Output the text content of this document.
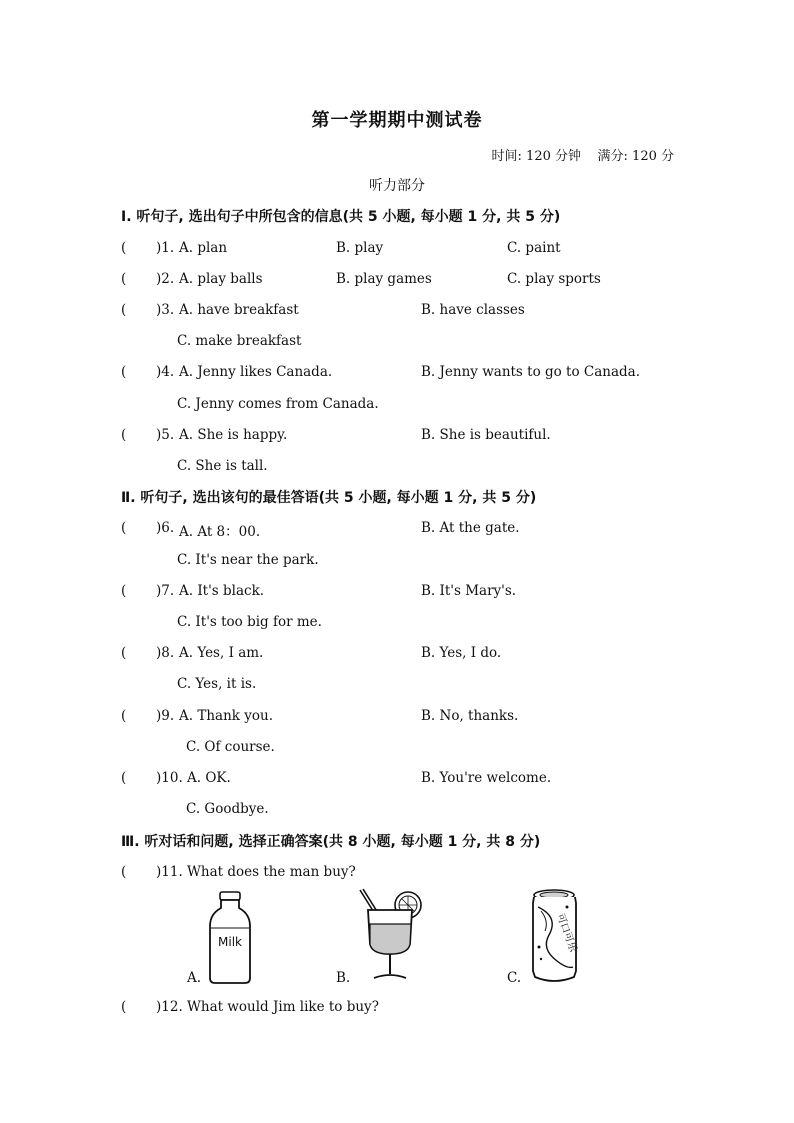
第一学期期中测试卷
时间: 120 分钟 满分: 120 分
听力部分
Ⅰ. 听句子, 选出句子中所包含的信息(共 5 小题, 每小题 1 分, 共 5 分)
( )1. A. plan	B. play	C. paint
( )2. A. play balls	B. play games	C. play sports
( )3. A. have breakfast	B. have classes
C. make breakfast
( )4. A. Jenny likes Canada.	B. Jenny wants to go to Canada.
C. Jenny comes from Canada.
( )5. A. She is happy.	B. She is beautiful.
C. She is tall.
Ⅱ. 听句子, 选出该句的最佳答语(共 5 小题, 每小题 1 分, 共 5 分)
( )6. A. At 8：00.	B. At the gate.
C. It's near the park.
( )7. A. It's black.	B. It's Mary's.
C. It's too big for me.
( )8. A. Yes, I am.	B. Yes, I do.
C. Yes, it is.
( )9. A. Thank you.	B. No, thanks.
C. Of course.
( )10. A. OK.	B. You're welcome.
C. Goodbye.
Ⅲ. 听对话和问题, 选择正确答案(共 8 小题, 每小题 1 分, 共 8 分)
( )11. What does the man buy?
A.	B.	C.
Milk	可口可乐
( )12. What would Jim like to buy?
